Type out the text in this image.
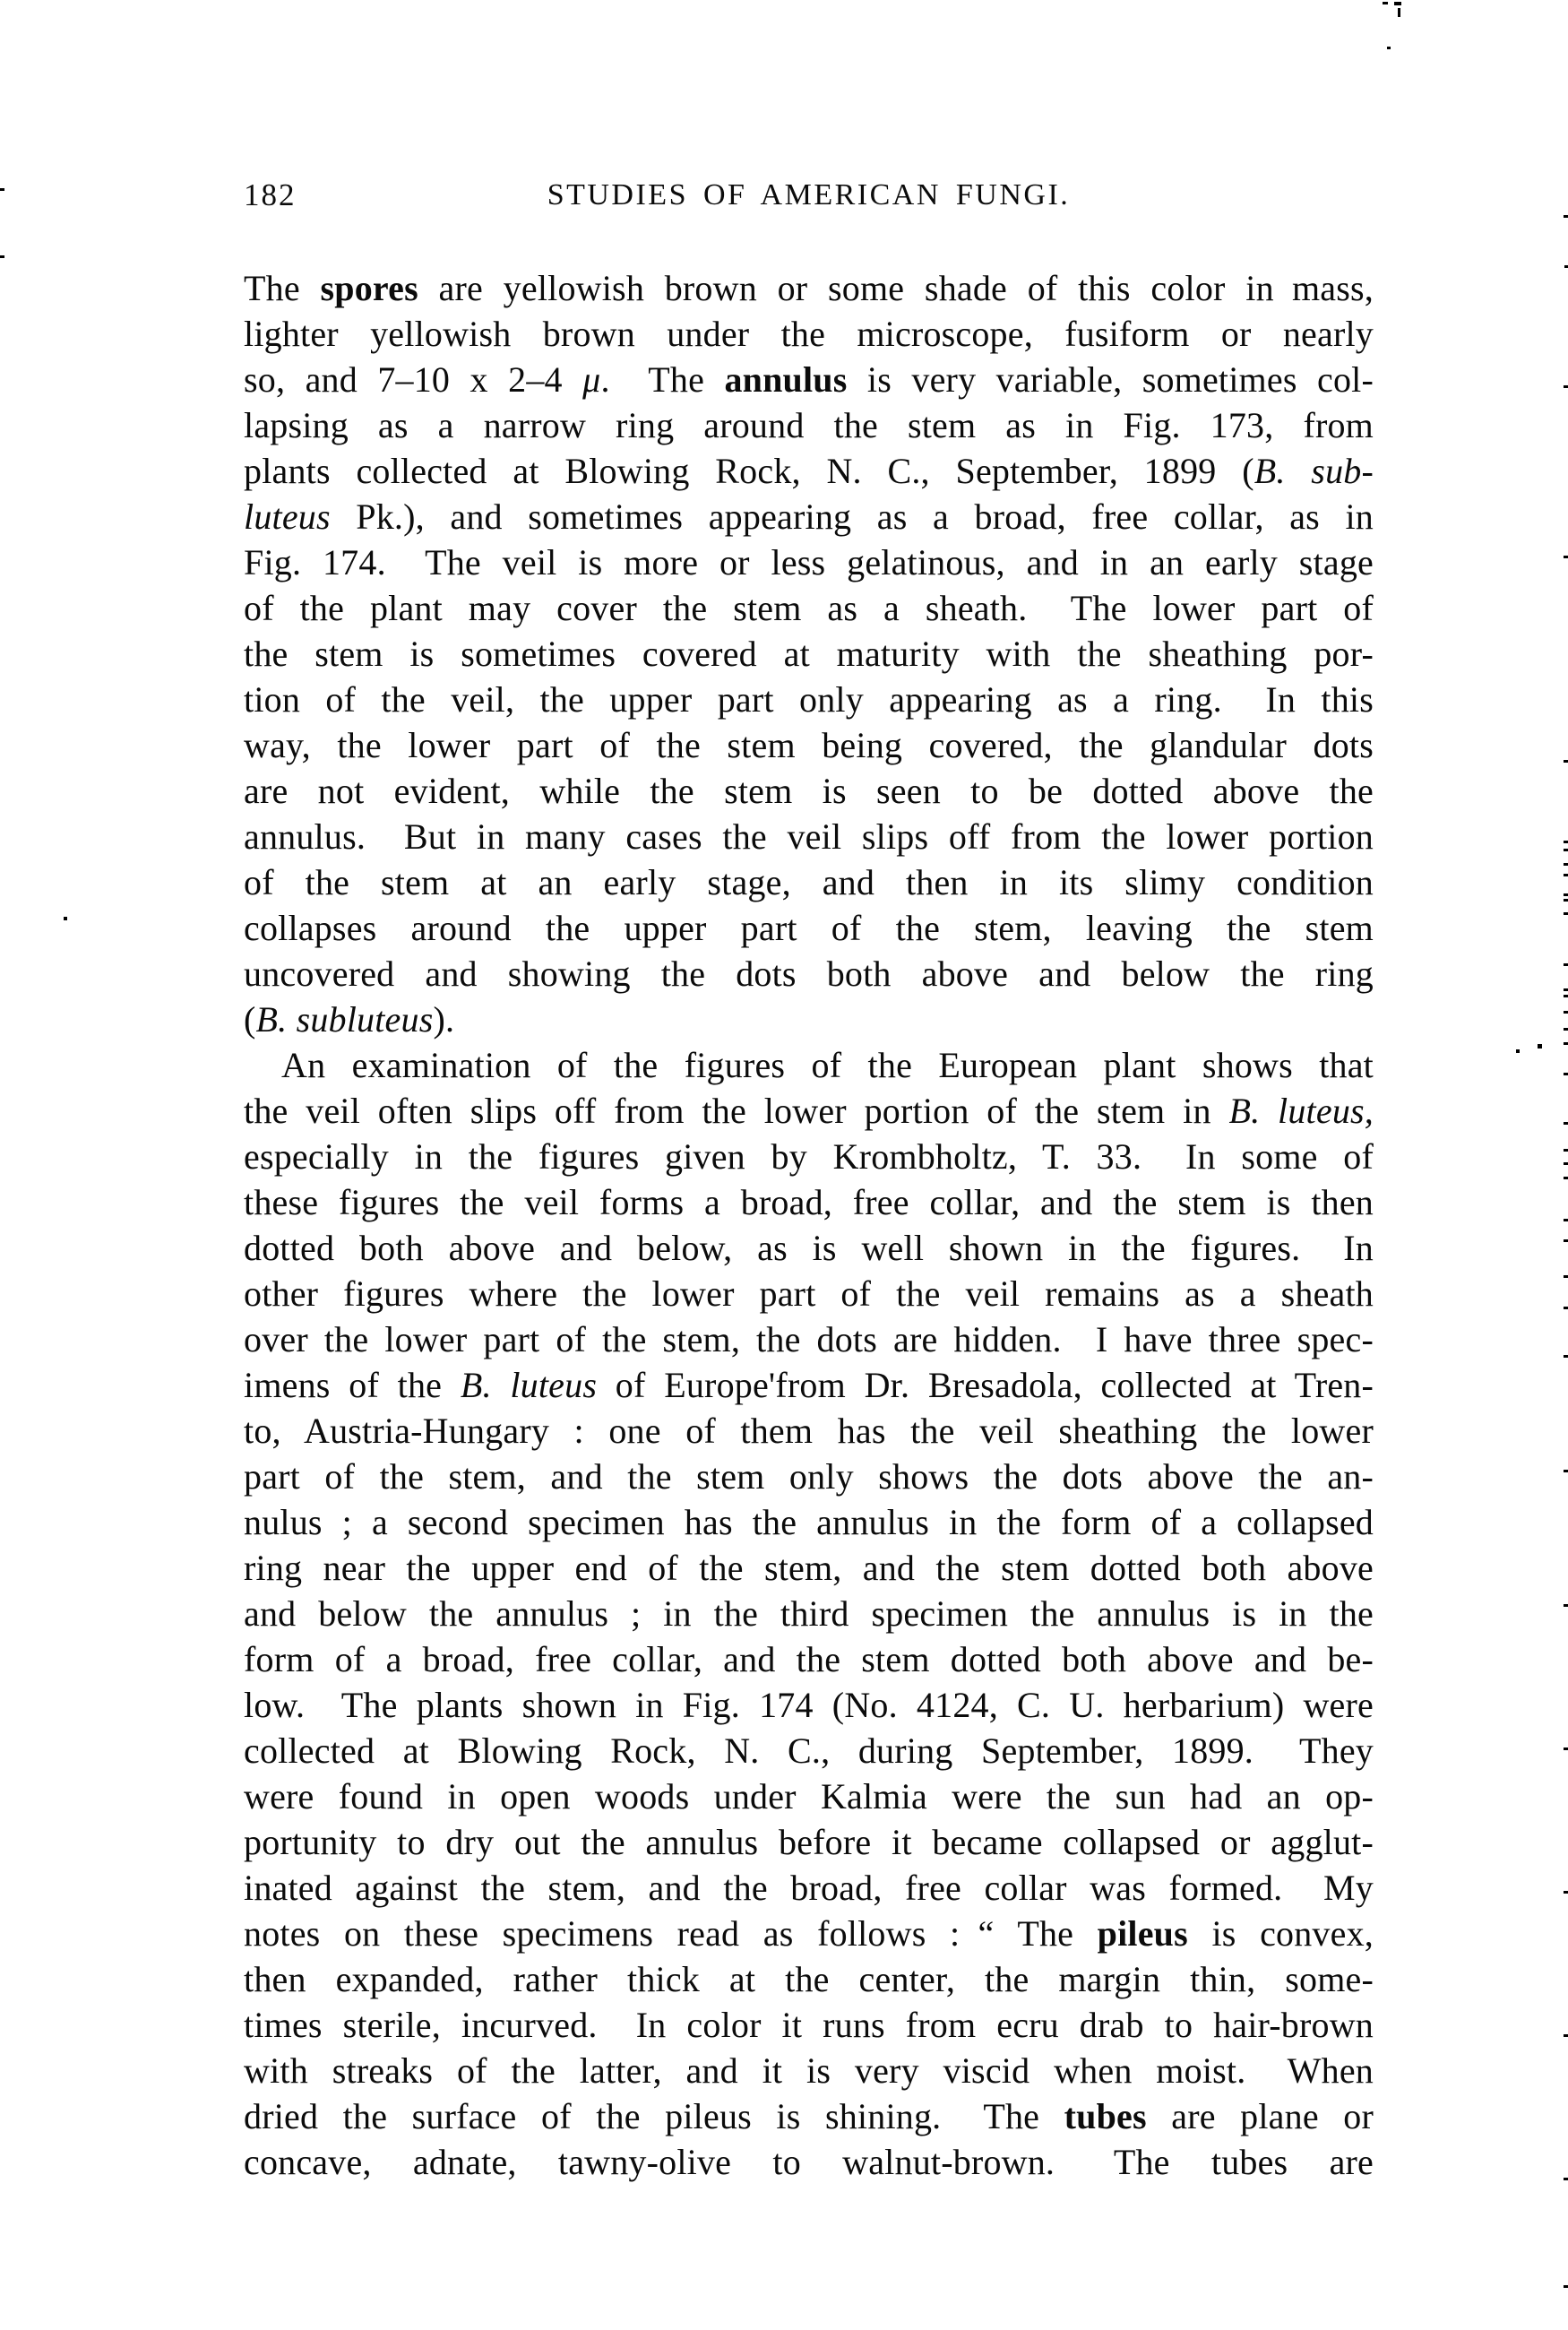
182	STUDIES OF AMERICAN FUNGI.
The spores are yellowish brown or some shade of this color in mass,
lighter yellowish brown under the microscope, fusiform or nearly
so, and 7–10 x 2–4 μ.  The annulus is very variable, sometimes col-
lapsing as a narrow ring around the stem as in Fig. 173, from
plants collected at Blowing Rock, N. C., September, 1899 (B. sub-
luteus Pk.), and sometimes appearing as a broad, free collar, as in
Fig. 174.  The veil is more or less gelatinous, and in an early stage
of the plant may cover the stem as a sheath.  The lower part of
the stem is sometimes covered at maturity with the sheathing por-
tion of the veil, the upper part only appearing as a ring.  In this
way, the lower part of the stem being covered, the glandular dots
are not evident, while the stem is seen to be dotted above the
annulus.  But in many cases the veil slips off from the lower portion
of the stem at an early stage, and then in its slimy condition
collapses around the upper part of the stem, leaving the stem
uncovered and showing the dots both above and below the ring
(B. subluteus).
An examination of the figures of the European plant shows that
the veil often slips off from the lower portion of the stem in B. luteus,
especially in the figures given by Krombholtz, T. 33.  In some of
these figures the veil forms a broad, free collar, and the stem is then
dotted both above and below, as is well shown in the figures.  In
other figures where the lower part of the veil remains as a sheath
over the lower part of the stem, the dots are hidden.  I have three spec-
imens of the B. luteus of Europe'from Dr. Bresadola, collected at Tren-
to, Austria-Hungary : one of them has the veil sheathing the lower
part of the stem, and the stem only shows the dots above the an-
nulus ; a second specimen has the annulus in the form of a collapsed
ring near the upper end of the stem, and the stem dotted both above
and below the annulus ; in the third specimen the annulus is in the
form of a broad, free collar, and the stem dotted both above and be-
low.  The plants shown in Fig. 174 (No. 4124, C. U. herbarium) were
collected at Blowing Rock, N. C., during September, 1899.  They
were found in open woods under Kalmia were the sun had an op-
portunity to dry out the annulus before it became collapsed or agglut-
inated against the stem, and the broad, free collar was formed.  My
notes on these specimens read as follows : “ The pileus is convex,
then expanded, rather thick at the center, the margin thin, some-
times sterile, incurved.  In color it runs from ecru drab to hair-brown
with streaks of the latter, and it is very viscid when moist.  When
dried the surface of the pileus is shining.  The tubes are plane or
concave, adnate, tawny-olive to walnut-brown.  The tubes are
